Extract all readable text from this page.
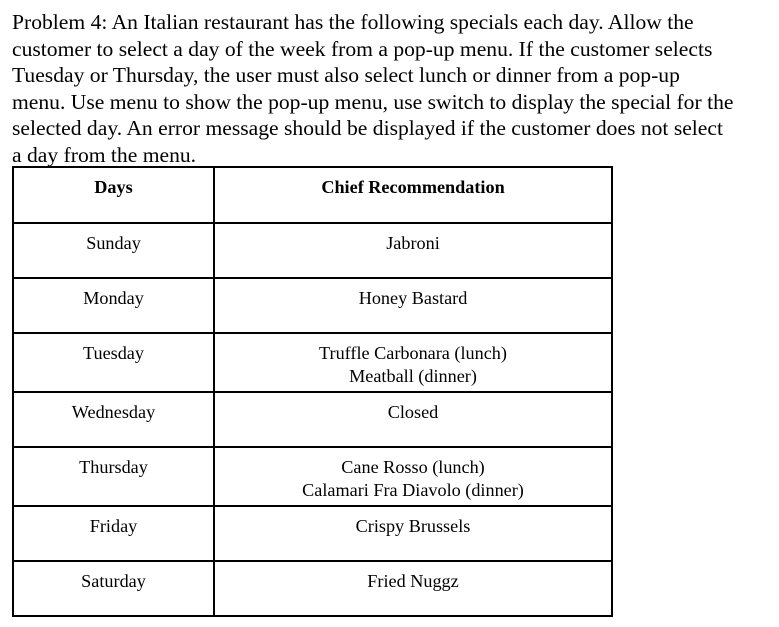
Problem 4: An Italian restaurant has the following specials each day. Allow the
customer to select a day of the week from a pop-up menu. If the customer selects
Tuesday or Thursday, the user must also select lunch or dinner from a pop-up
menu. Use menu to show the pop-up menu, use switch to display the special for the
selected day. An error message should be displayed if the customer does not select
a day from the menu.
Days	Chief Recommendation

Sunday	Jabroni

Monday	Honey Bastard

Tuesday	Truffle Carbonara (lunch)
Meatball (dinner)

Wednesday	Closed

Thursday	Cane Rosso (lunch)
Calamari Fra Diavolo (dinner)

Friday	Crispy Brussels

Saturday	Fried Nuggz
